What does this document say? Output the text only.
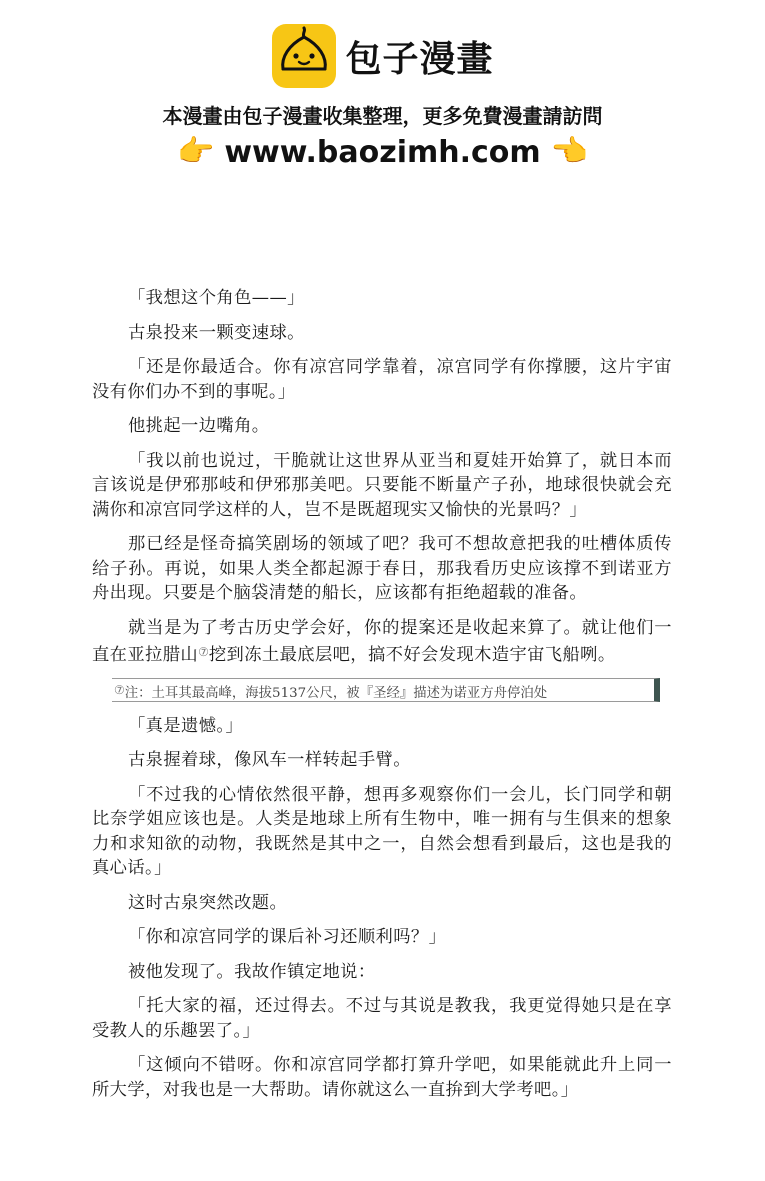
包子漫畫
本漫畫由包子漫畫收集整理，更多免費漫畫請訪問
👉 www.baozimh.com 👈

「我想这个角色——」

古泉投来一颗变速球。

「还是你最适合。你有凉宫同学靠着，凉宫同学有你撑腰，这片宇宙没有你们办不到的事呢。」

他挑起一边嘴角。

「我以前也说过，干脆就让这世界从亚当和夏娃开始算了，就日本而言该说是伊邪那岐和伊邪那美吧。只要能不断量产子孙，地球很快就会充满你和凉宫同学这样的人，岂不是既超现实又愉快的光景吗？」

那已经是怪奇搞笑剧场的领域了吧？我可不想故意把我的吐槽体质传给子孙。再说，如果人类全都起源于春日，那我看历史应该撑不到诺亚方舟出现。只要是个脑袋清楚的船长，应该都有拒绝超载的准备。

就当是为了考古历史学会好，你的提案还是收起来算了。就让他们一直在亚拉腊山⑦挖到冻土最底层吧，搞不好会发现木造宇宙飞船咧。

⑦注：土耳其最高峰，海拔5137公尺，被『圣经』描述为诺亚方舟停泊处

「真是遗憾。」

古泉握着球，像风车一样转起手臂。

「不过我的心情依然很平静，想再多观察你们一会儿，长门同学和朝比奈学姐应该也是。人类是地球上所有生物中，唯一拥有与生俱来的想象力和求知欲的动物，我既然是其中之一，自然会想看到最后，这也是我的真心话。」

这时古泉突然改题。

「你和凉宫同学的课后补习还顺利吗？」

被他发现了。我故作镇定地说：

「托大家的福，还过得去。不过与其说是教我，我更觉得她只是在享受教人的乐趣罢了。」

「这倾向不错呀。你和凉宫同学都打算升学吧，如果能就此升上同一所大学，对我也是一大帮助。请你就这么一直拚到大学考吧。」
